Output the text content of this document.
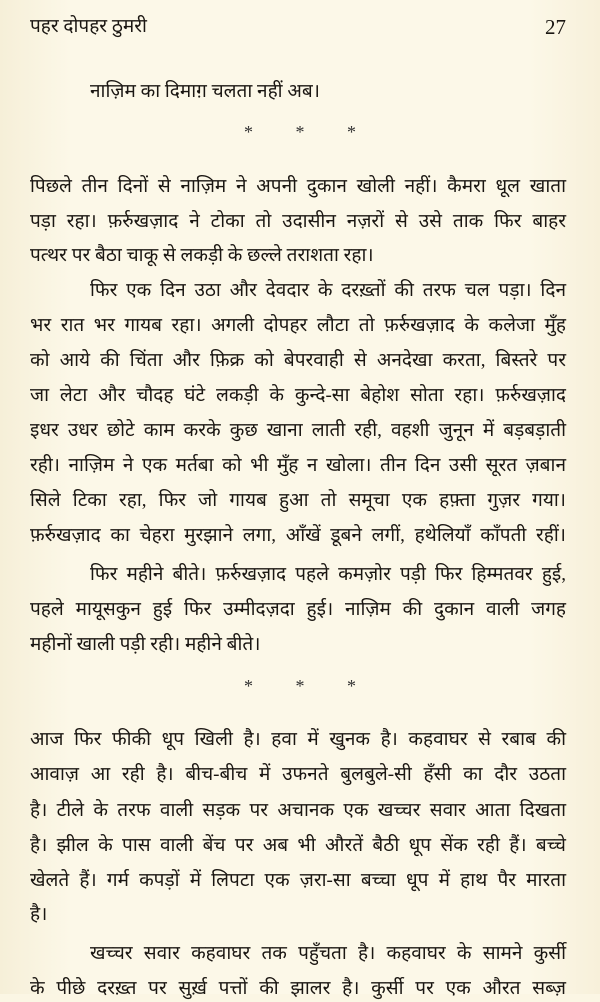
पहर दोपहर ठुमरी	27
नाज़िम का दिमाग़ चलता नहीं अब।
* * *
पिछले तीन दिनों से नाज़िम ने अपनी दुकान खोली नहीं। कैमरा धूल खाता
पड़ा रहा। फ़र्रुखज़ाद ने टोका तो उदासीन नज़रों से उसे ताक फिर बाहर
पत्थर पर बैठा चाकू से लकड़ी के छल्ले तराशता रहा।
फिर एक दिन उठा और देवदार के दरख़्तों की तरफ चल पड़ा। दिन
भर रात भर गायब रहा। अगली दोपहर लौटा तो फ़र्रुखज़ाद के कलेजा मुँह
को आये की चिंता और फ़िक्र को बेपरवाही से अनदेखा करता, बिस्तरे पर
जा लेटा और चौदह घंटे लकड़ी के कुन्दे-सा बेहोश सोता रहा। फ़र्रुखज़ाद
इधर उधर छोटे काम करके कुछ खाना लाती रही, वहशी जुनून में बड़बड़ाती
रही। नाज़िम ने एक मर्तबा को भी मुँह न खोला। तीन दिन उसी सूरत ज़बान
सिले टिका रहा, फिर जो गायब हुआ तो समूचा एक हफ़्ता गुज़र गया।
फ़र्रुखज़ाद का चेहरा मुरझाने लगा, आँखें डूबने लगीं, हथेलियाँ काँपती रहीं।
फिर महीने बीते। फ़र्रुखज़ाद पहले कमज़ोर पड़ी फिर हिम्मतवर हुई,
पहले मायूसकुन हुई फिर उम्मीदज़दा हुई। नाज़िम की दुकान वाली जगह
महीनों खाली पड़ी रही। महीने बीते।
* * *
आज फिर फीकी धूप खिली है। हवा में खुनक है। कहवाघर से रबाब की
आवाज़ आ रही है। बीच-बीच में उफनते बुलबुले-सी हँसी का दौर उठता
है। टीले के तरफ वाली सड़क पर अचानक एक खच्चर सवार आता दिखता
है। झील के पास वाली बेंच पर अब भी औरतें बैठी धूप सेंक रही हैं। बच्चे
खेलते हैं। गर्म कपड़ों में लिपटा एक ज़रा-सा बच्चा धूप में हाथ पैर मारता
है।
खच्चर सवार कहवाघर तक पहुँचता है। कहवाघर के सामने कुर्सी
के पीछे दरख़्त पर सुर्ख़ पत्तों की झालर है। कुर्सी पर एक औरत सब्ज़
